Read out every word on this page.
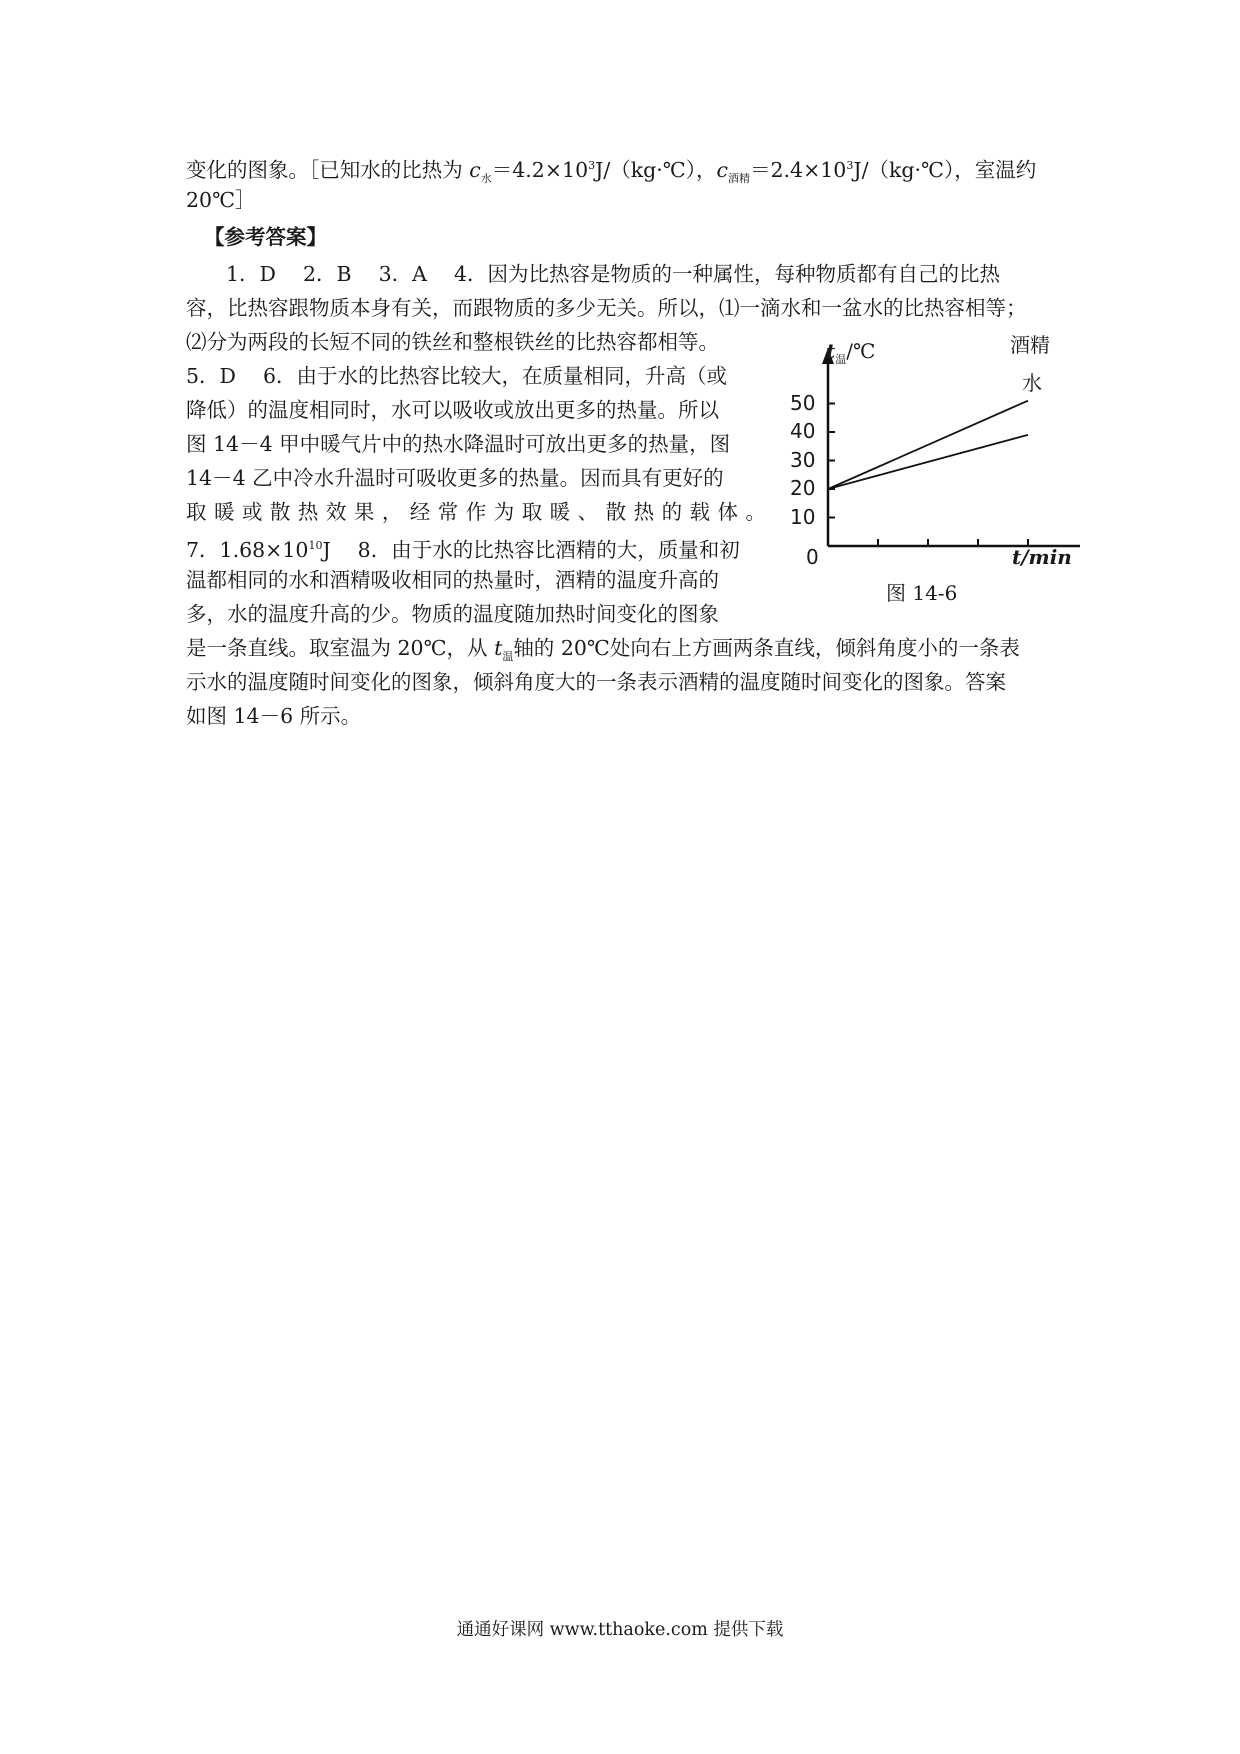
变化的图象。［已知水的比热为 $c_水=4.2\times 10^3J/(kg\cdot℃)$，$c_{酒精}=2.4\times 10^3J/(kg\cdot℃)$，室温约
20℃］
【参考答案】
1．D　 2．B　 3．A　 4．因为比热容是物质的一种属性，每种物质都有自己的比热
容，比热容跟物质本身有关，而跟物质的多少无关。所以，⑴一滴水和一盆水的比热容相等；
⑵分为两段的长短不同的铁丝和整根铁丝的比热容都相等。
5．D　 6．由于水的比热容比较大，在质量相同，升高（或
降低）的温度相同时，水可以吸收或放出更多的热量。所以
图 14－4 甲中暖气片中的热水降温时可放出更多的热量，图
14－4 乙中冷水升温时可吸收更多的热量。因而具有更好的
取暖或散热效果，经常作为取暖、散热的载体。
7．$1.68\times 10^{10}J$　 8．由于水的比热容比酒精的大，质量和初
温都相同的水和酒精吸收相同的热量时，酒精的温度升高的
多，水的温度升高的少。物质的温度随加热时间变化的图象
是一条直线。取室温为 20℃，从 $t_温$轴的 20℃处向右上方画两条直线，倾斜角度小的一条表
示水的温度随时间变化的图象，倾斜角度大的一条表示酒精的温度随时间变化的图象。答案
如图 14－6 所示。
$t_温/℃$
10
20
30
40
50
0	t/min
酒精
水
图 14-6
通通好课网 www.tthaoke.com 提供下载
